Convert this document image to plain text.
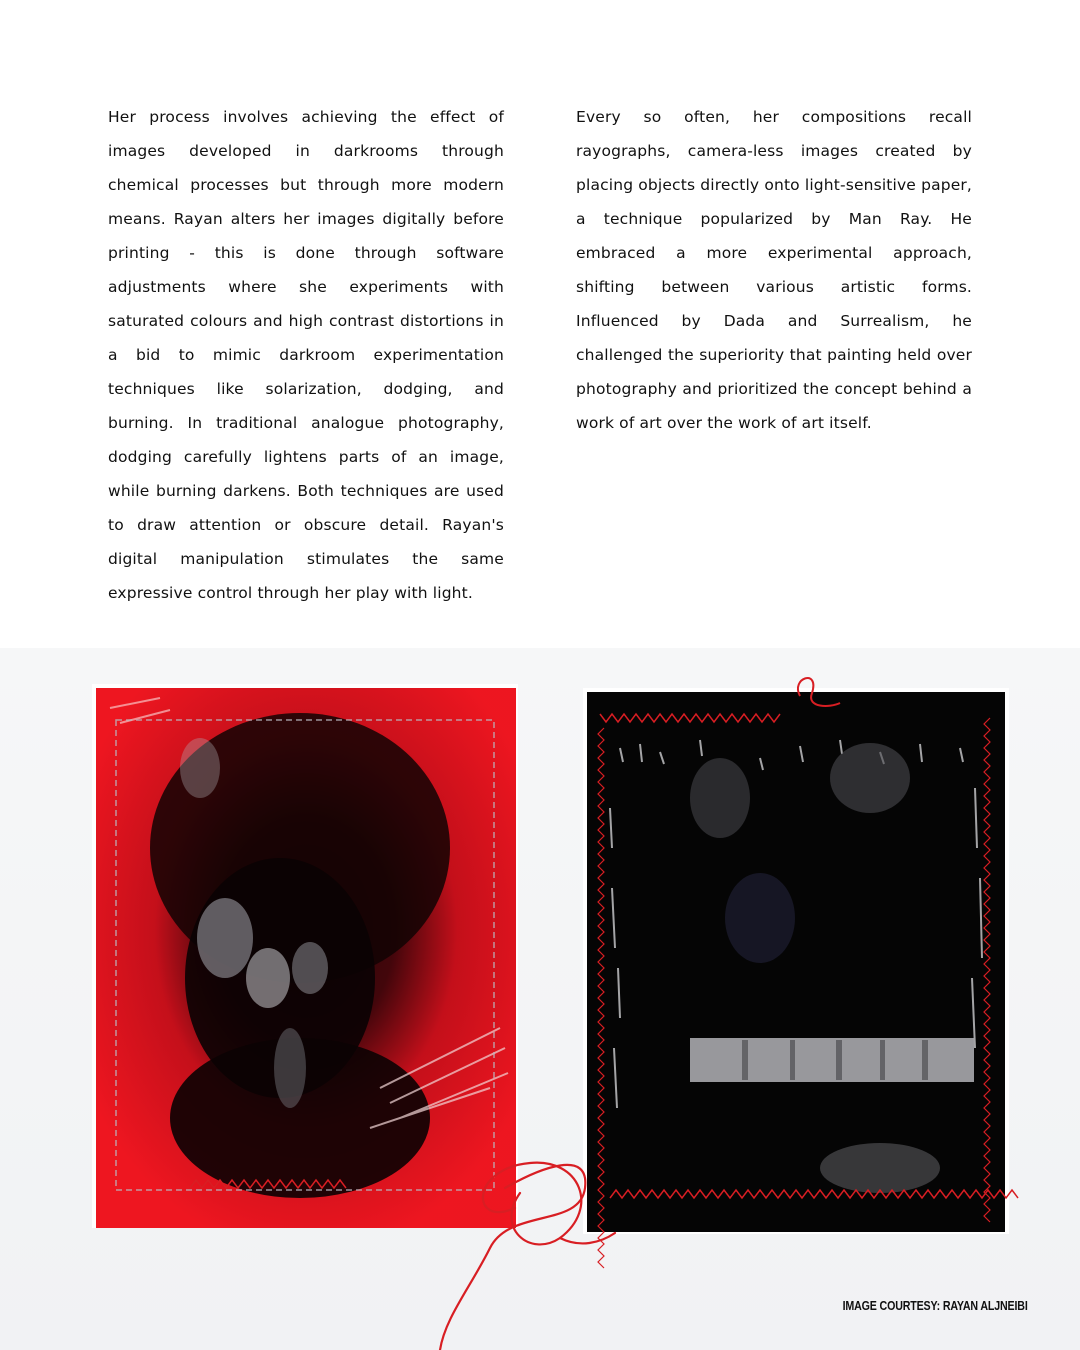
Her process involves achieving the effect of images developed in darkrooms through chemical processes but through more modern means. Rayan alters her images digitally before printing - this is done through software adjustments where she experiments with saturated colours and high contrast distortions in a bid to mimic darkroom experimentation techniques like solarization, dodging, and burning. In traditional analogue photography, dodging carefully lightens parts of an image, while burning darkens. Both techniques are used to draw attention or obscure detail. Rayan's digital manipulation stimulates the same expressive control through her play with light.

Every so often, her compositions recall rayographs, camera-less images created by placing objects directly onto light-sensitive paper, a technique popularized by Man Ray. He embraced a more experimental approach, shifting between various artistic forms. Influenced by Dada and Surrealism, he challenged the superiority that painting held over photography and prioritized the concept behind a work of art over the work of art itself.

IMAGE COURTESY: RAYAN ALJNEIBI
